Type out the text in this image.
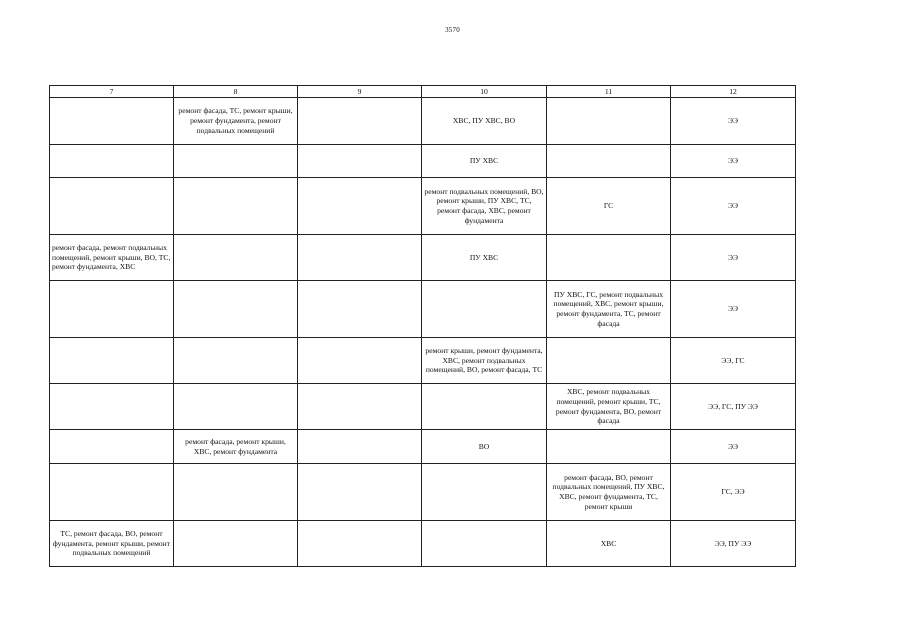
3570
7	8	9	10	11	12
	ремонт фасада, ТС, ремонт крыши, ремонт фундамента, ремонт подвальных помещений		ХВС, ПУ ХВС, ВО		ЭЭ
			ПУ ХВС		ЭЭ
			ремонт подвальных помещений, ВО, ремонт крыши, ПУ ХВС, ТС, ремонт фасада, ХВС, ремонт фундамента	ГС	ЭЭ
ремонт фасада, ремонт подвальных помещений, ремонт крыши, ВО, ТС, ремонт фундамента, ХВС			ПУ ХВС		ЭЭ
				ПУ ХВС, ГС, ремонт подвальных помещений, ХВС, ремонт крыши, ремонт фундамента, ТС, ремонт фасада	ЭЭ
			ремонт крыши, ремонт фундамента, ХВС, ремонт подвальных помещений, ВО, ремонт фасада, ТС		ЭЭ, ГС
				ХВС, ремонт подвальных помещений, ремонт крыши, ТС, ремонт фундамента, ВО, ремонт фасада	ЭЭ, ГС, ПУ ЭЭ
	ремонт фасада, ремонт крыши, ХВС, ремонт фундамента		ВО		ЭЭ
				ремонт фасада, ВО, ремонт подвальных помещений, ПУ ХВС, ХВС, ремонт фундамента, ТС, ремонт крыши	ГС, ЭЭ
ТС, ремонт фасада, ВО, ремонт фундамента, ремонт крыши, ремонт подвальных помещений				ХВС	ЭЭ, ПУ ЭЭ
